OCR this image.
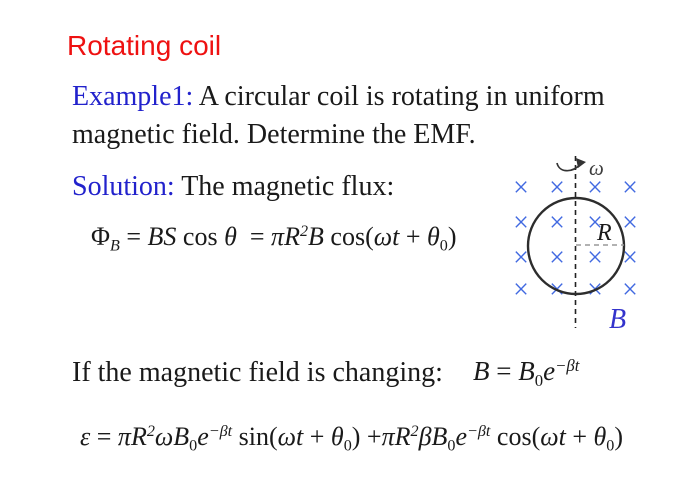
Rotating coil
Example1: A circular coil is rotating in uniform
magnetic field. Determine the EMF.
Solution: The magnetic flux:
$\Phi_B$ = BS $\cos \theta = \pi R^2B$ $\cos(\omega t + \theta_0)$
×
×
×
×
×
×
×
×
×
×
×
×
×
×
×
×
ω
R
B
If the magnetic field is changing: $B = B_0e^{-\beta t}$
$\varepsilon = \pi R^2\omega B_0e^{-\beta t}$ $\sin(\omega t + \theta_0) +\pi R^2\beta B_0e^{-\beta t}$ $\cos(\omega t + \theta_0)$
